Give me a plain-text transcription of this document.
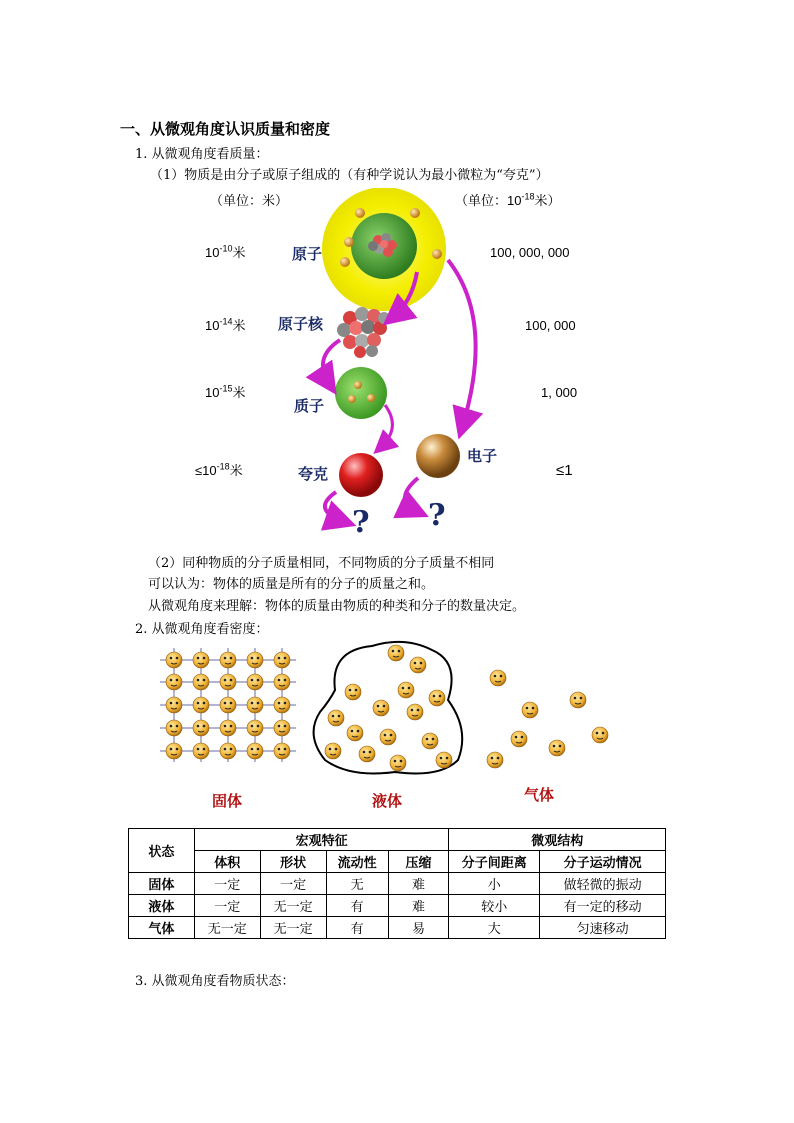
一、从微观角度认识质量和密度
1. 从微观角度看质量：
（1）物质是由分子或原子组成的（有种学说认为最小微粒为“夸克”）
（单位：米）	（单位：$10^{-18}$米）
$10^{-10}$米
$10^{-14}$米
$10^{-15}$米
$\le 10^{-18}$米
100, 000, 000
100, 000
1, 000
≤1
原子
原子核
质子
夸克
电子
? ?
（2）同种物质的分子质量相同，不同物质的分子质量不相同
可以认为：物体的质量是所有的分子的质量之和。
从微观角度来理解：物体的质量由物质的种类和分子的数量决定。
2. 从微观角度看密度：
固体	液体	气体
状态	宏观特征				微观结构	
	体积	形状	流动性	压缩	分子间距离	分子运动情况
固体	一定	一定	无	难	小	做轻微的振动
液体	一定	无一定	有	难	较小	有一定的移动
气体	无一定	无一定	有	易	大	匀速移动
3. 从微观角度看物质状态：
